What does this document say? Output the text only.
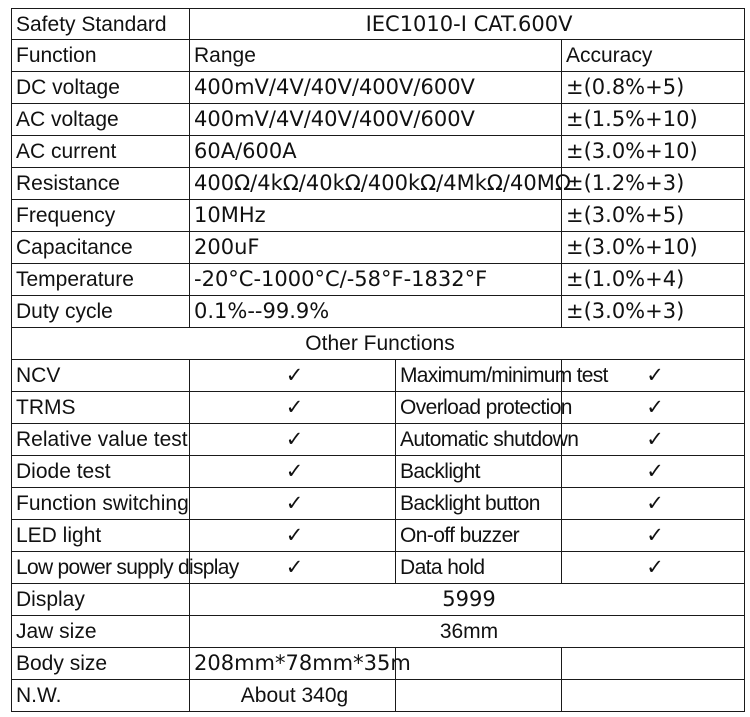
Safety Standard	IEC1010-I CAT.600V		
Function	Range		Accuracy
DC voltage	400mV/4V/40V/400V/600V		±(0.8%+5)
AC voltage	400mV/4V/40V/400V/600V		±(1.5%+10)
AC current	60A/600A		±(3.0%+10)
Resistance	400Ω/4kΩ/40kΩ/400kΩ/4MkΩ/40MΩ		±(1.2%+3)
Frequency	10MHz		±(3.0%+5)
Capacitance	200uF		±(3.0%+10)
Temperature	-20°C-1000°C/-58°F-1832°F		±(1.0%+4)
Duty cycle	0.1%--99.9%		±(3.0%+3)
Other Functions			
NCV	✓	Maximum/minimum test	✓
TRMS	✓	Overload protection	✓
Relative value test	✓	Automatic shutdown	✓
Diode test	✓	Backlight	✓
Function switching	✓	Backlight button	✓
LED light	✓	On-off buzzer	✓
Low power supply display	✓	Data hold	✓
Display	5999		
Jaw size	36mm		
Body size	208mm*78mm*35m		
N.W.	About 340g		
